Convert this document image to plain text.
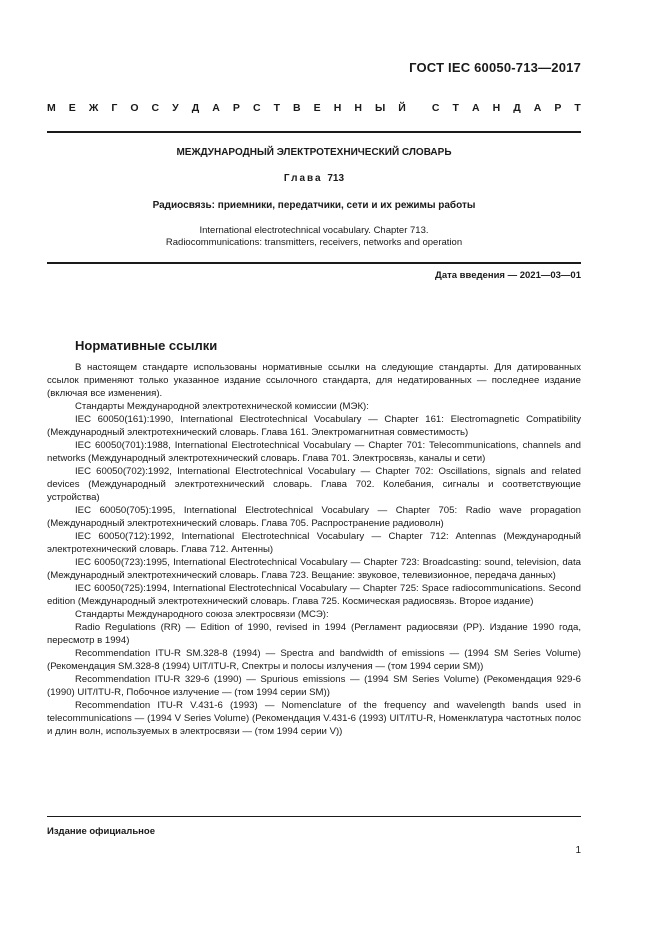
ГОСТ IEC 60050-713—2017
М Е Ж Г О С У Д А Р С Т В Е Н Н Ы Й С Т А Н Д А Р Т
МЕЖДУНАРОДНЫЙ ЭЛЕКТРОТЕХНИЧЕСКИЙ СЛОВАРЬ
Глава 713
Радиосвязь: приемники, передатчики, сети и их режимы работы
International electrotechnical vocabulary. Chapter 713.
Radiocommunications: transmitters, receivers, networks and operation
Дата введения — 2021—03—01
Нормативные ссылки

В настоящем стандарте использованы нормативные ссылки на следующие стандарты. Для датированных ссылок применяют только указанное издание ссылочного стандарта, для недатированных — последнее издание (включая все изменения).

Стандарты Международной электротехнической комиссии (МЭК):

IEC 60050(161):1990, International Electrotechnical Vocabulary — Chapter 161: Electromagnetic Compatibility (Международный электротехнический словарь. Глава 161. Электромагнитная совместимость)

IEC 60050(701):1988, International Electrotechnical Vocabulary — Chapter 701: Telecommunications, channels and networks (Международный электротехнический словарь. Глава 701. Электросвязь, каналы и сети)

IEC 60050(702):1992, International Electrotechnical Vocabulary — Chapter 702: Oscillations, signals and related devices (Международный электротехнический словарь. Глава 702. Колебания, сигналы и соответствующие устройства)

IEC 60050(705):1995, International Electrotechnical Vocabulary — Chapter 705: Radio wave propagation (Международный электротехнический словарь. Глава 705. Распространение радиоволн)

IEC 60050(712):1992, International Electrotechnical Vocabulary — Chapter 712: Antennas (Международный электротехнический словарь. Глава 712. Антенны)

IEC 60050(723):1995, International Electrotechnical Vocabulary — Chapter 723: Broadcasting: sound, television, data (Международный электротехнический словарь. Глава 723. Вещание: звуковое, телевизионное, передача данных)

IEC 60050(725):1994, International Electrotechnical Vocabulary — Chapter 725: Space radiocommunications. Second edition (Международный электротехнический словарь. Глава 725. Космическая радиосвязь. Второе издание)

Стандарты Международного союза электросвязи (МСЭ):

Radio Regulations (RR) — Edition of 1990, revised in 1994 (Регламент радиосвязи (РР). Издание 1990 года, пересмотр в 1994)

Recommendation ITU-R SM.328-8 (1994) — Spectra and bandwidth of emissions — (1994 SM Series Volume) (Рекомендация SM.328-8 (1994) UIT/ITU-R, Спектры и полосы излучения — (том 1994 серии SM))

Recommendation ITU-R 329-6 (1990) — Spurious emissions — (1994 SM Series Volume) (Рекомендация 929-6 (1990) UIT/ITU-R, Побочное излучение — (том 1994 серии SM))

Recommendation ITU-R V.431-6 (1993) — Nomenclature of the frequency and wavelength bands used in telecommunications — (1994 V Series Volume) (Рекомендация V.431-6 (1993) UIT/ITU-R, Номенклатура частотных полос и длин волн, используемых в электросвязи — (том 1994 серии V))

Издание официальное
1
